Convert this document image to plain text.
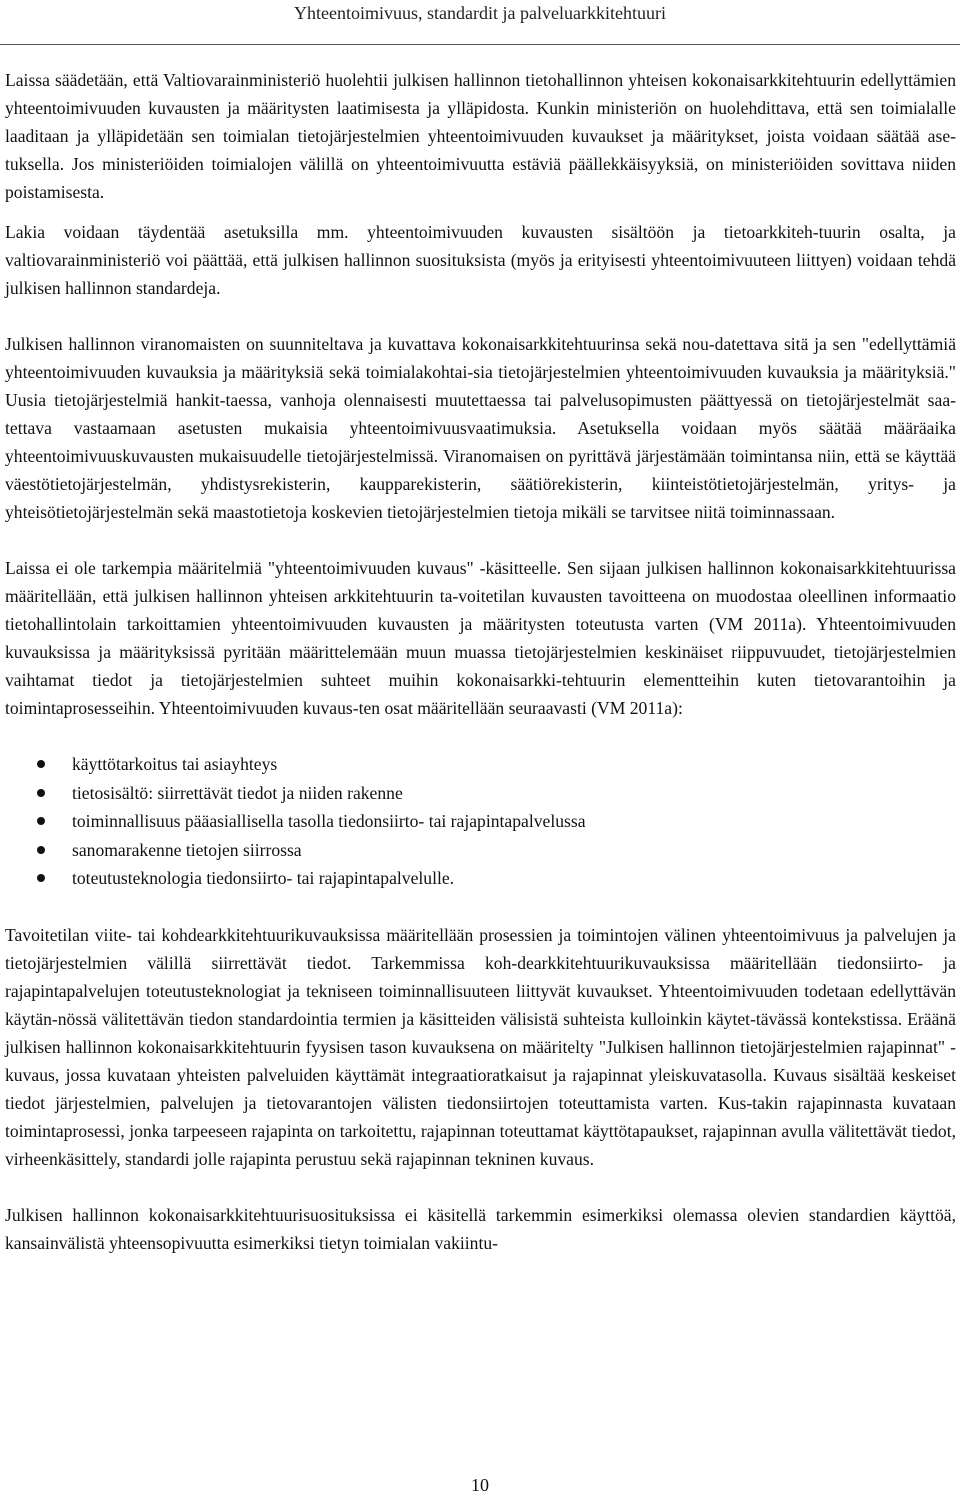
Yhteentoimivuus, standardit ja palveluarkkitehtuuri

Laissa säädetään, että Valtiovarainministeriö huolehtii julkisen hallinnon tietohallinnon yhteisen kokonaisarkkitehtuurin edellyttämien yhteentoimivuuden kuvausten ja määritysten laatimisesta ja ylläpidosta. Kunkin ministeriön on huolehdittava, että sen toimialalle laaditaan ja ylläpidetään sen toimialan tietojärjestelmien yhteentoimivuuden kuvaukset ja määritykset, joista voidaan säätää ase-tuksella. Jos ministeriöiden toimialojen välillä on yhteentoimivuutta estäviä päällekkäisyyksiä, on ministeriöiden sovittava niiden poistamisesta.

Lakia voidaan täydentää asetuksilla mm. yhteentoimivuuden kuvausten sisältöön ja tietoarkkiteh-tuurin osalta, ja valtiovarainministeriö voi päättää, että julkisen hallinnon suosituksista (myös ja erityisesti yhteentoimivuuteen liittyen) voidaan tehdä julkisen hallinnon standardeja.

Julkisen hallinnon viranomaisten on suunniteltava ja kuvattava kokonaisarkkitehtuurinsa sekä nou-datettava sitä ja sen "edellyttämiä yhteentoimivuuden kuvauksia ja määrityksiä sekä toimialakohtai-sia tietojärjestelmien yhteentoimivuuden kuvauksia ja määrityksiä." Uusia tietojärjestelmiä hankit-taessa, vanhoja olennaisesti muutettaessa tai palvelusopimusten päättyessä on tietojärjestelmät saa-tettava vastaamaan asetusten mukaisia yhteentoimivuusvaatimuksia. Asetuksella voidaan myös säätää määräaika yhteentoimivuuskuvausten mukaisuudelle tietojärjestelmissä. Viranomaisen on pyrittävä järjestämään toimintansa niin, että se käyttää väestötietojärjestelmän, yhdistysrekisterin, kaupparekisterin, säätiörekisterin, kiinteistötietojärjestelmän, yritys- ja yhteisötietojärjestelmän sekä maastotietoja koskevien tietojärjestelmien tietoja mikäli se tarvitsee niitä toiminnassaan.

Laissa ei ole tarkempia määritelmiä "yhteentoimivuuden kuvaus" -käsitteelle. Sen sijaan julkisen hallinnon kokonaisarkkitehtuurissa määritellään, että julkisen hallinnon yhteisen arkkitehtuurin ta-voitetilan kuvausten tavoitteena on muodostaa oleellinen informaatio tietohallintolain tarkoittamien yhteentoimivuuden kuvausten ja määritysten toteutusta varten (VM 2011a). Yhteentoimivuuden kuvauksissa ja määrityksissä pyritään määrittelemään muun muassa tietojärjestelmien keskinäiset riippuvuudet, tietojärjestelmien vaihtamat tiedot ja tietojärjestelmien suhteet muihin kokonaisarkki-tehtuurin elementteihin kuten tietovarantoihin ja toimintaprosesseihin. Yhteentoimivuuden kuvaus-ten osat määritellään seuraavasti (VM 2011a):

käyttötarkoitus tai asiayhteys
tietosisältö: siirrettävät tiedot ja niiden rakenne
toiminnallisuus pääasiallisella tasolla tiedonsiirto- tai rajapintapalvelussa
sanomarakenne tietojen siirrossa
toteutusteknologia tiedonsiirto- tai rajapintapalvelulle.

Tavoitetilan viite- tai kohdearkkitehtuurikuvauksissa määritellään prosessien ja toimintojen välinen yhteentoimivuus ja palvelujen ja tietojärjestelmien välillä siirrettävät tiedot. Tarkemmissa koh-dearkkitehtuurikuvauksissa määritellään tiedonsiirto- ja rajapintapalvelujen toteutusteknologiat ja tekniseen toiminnallisuuteen liittyvät kuvaukset. Yhteentoimivuuden todetaan edellyttävän käytän-nössä välitettävän tiedon standardointia termien ja käsitteiden välisistä suhteista kulloinkin käytet-tävässä kontekstissa. Eräänä julkisen hallinnon kokonaisarkkitehtuurin fyysisen tason kuvauksena on määritelty "Julkisen hallinnon tietojärjestelmien rajapinnat" -kuvaus, jossa kuvataan yhteisten palveluiden käyttämät integraatioratkaisut ja rajapinnat yleiskuvatasolla. Kuvaus sisältää keskeiset tiedot järjestelmien, palvelujen ja tietovarantojen välisten tiedonsiirtojen toteuttamista varten. Kus-takin rajapinnasta kuvataan toimintaprosessi, jonka tarpeeseen rajapinta on tarkoitettu, rajapinnan toteuttamat käyttötapaukset, rajapinnan avulla välitettävät tiedot, virheenkäsittely, standardi jolle rajapinta perustuu sekä rajapinnan tekninen kuvaus.

Julkisen hallinnon kokonaisarkkitehtuurisuosituksissa ei käsitellä tarkemmin esimerkiksi olemassa olevien standardien käyttöä, kansainvälistä yhteensopivuutta esimerkiksi tietyn toimialan vakiintu-

10
